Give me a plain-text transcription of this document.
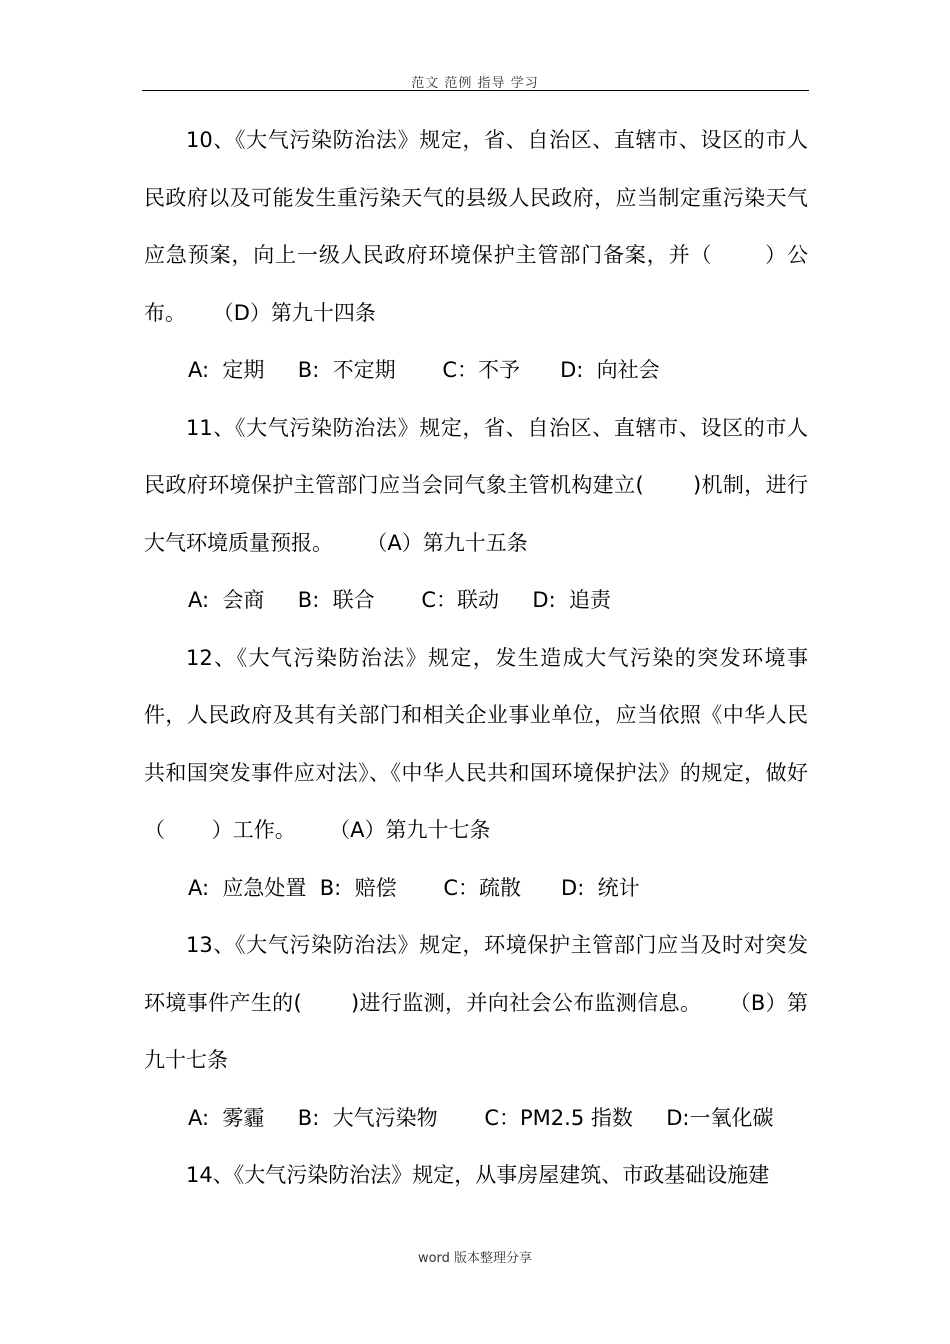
范文 范例 指导 学习

10、《大气污染防治法》规定，省、自治区、直辖市、设区的市人民政府以及可能发生重污染天气的县级人民政府，应当制定重污染天气应急预案，向上一级人民政府环境保护主管部门备案，并（       ）公布。    （D）第九十四条

A:  定期     B:  不定期       C：不予      D:  向社会

11、《大气污染防治法》规定，省、自治区、直辖市、设区的市人民政府环境保护主管部门应当会同气象主管机构建立(       )机制，进行大气环境质量预报。     （A）第九十五条

A:  会商     B:  联合       C：联动     D:  追责

12、《大气污染防治法》规定，发生造成大气污染的突发环境事件，人民政府及其有关部门和相关企业事业单位，应当依照《中华人民共和国突发事件应对法》、《中华人民共和国环境保护法》的规定，做好（       ）工作。     （A）第九十七条

A:  应急处置  B:  赔偿       C：疏散      D:  统计

13、《大气污染防治法》规定，环境保护主管部门应当及时对突发环境事件产生的(       )进行监测，并向社会公布监测信息。    （B）第九十七条

A:  雾霾     B:  大气污染物       C：PM2.5 指数     D:一氧化碳

14、《大气污染防治法》规定，从事房屋建筑、市政基础设施建

word 版本整理分享
